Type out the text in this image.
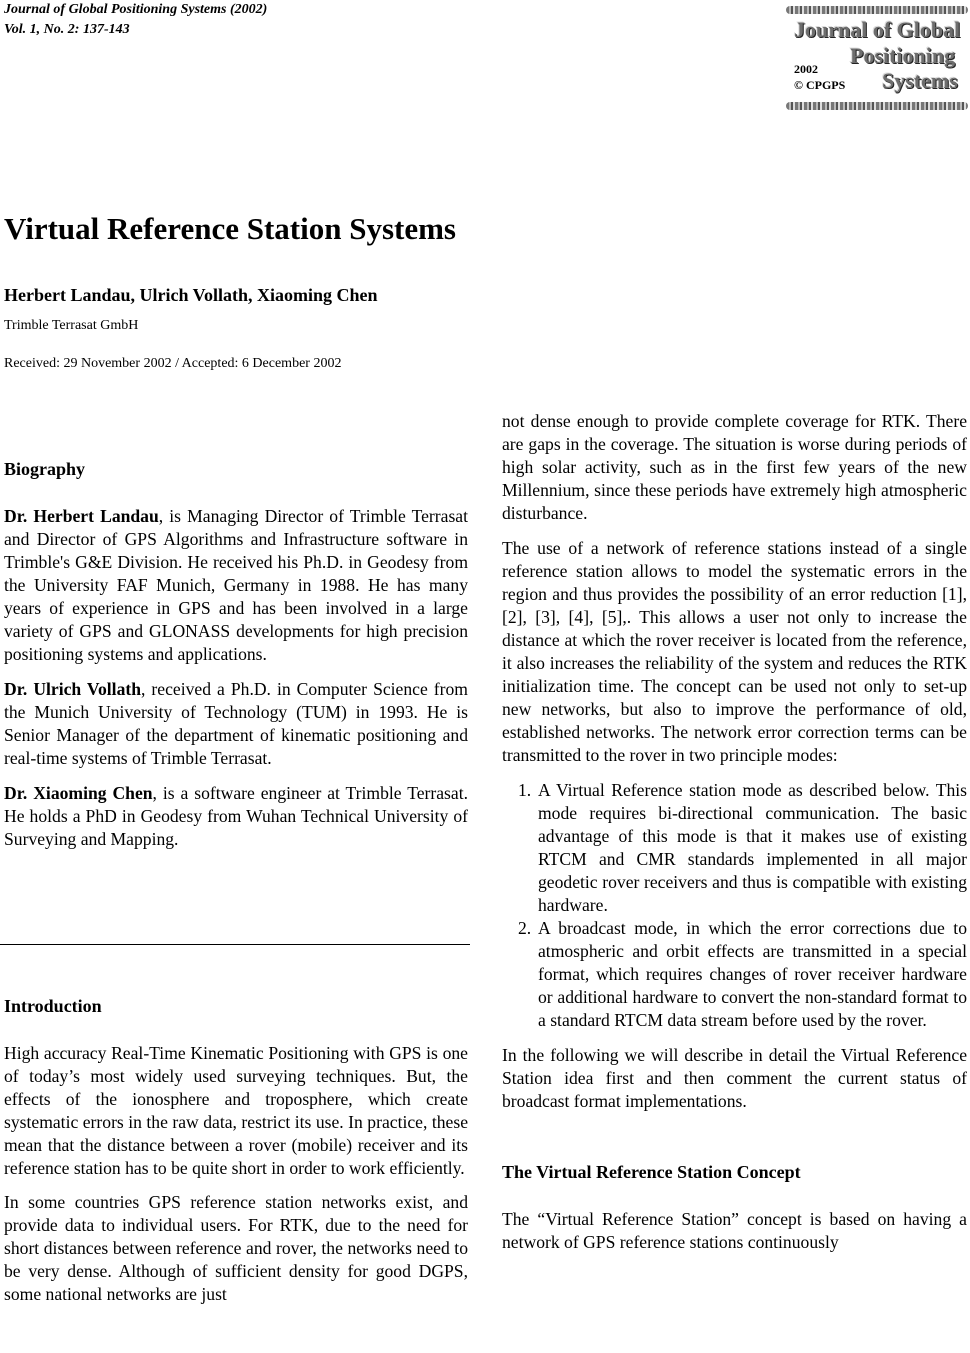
Journal of Global Positioning Systems (2002)
Vol. 1, No. 2: 137-143	Journal of Global
Positioning
2002	Systems
© CPGPS
Virtual Reference Station Systems
Herbert Landau, Ulrich Vollath, Xiaoming Chen
Trimble Terrasat GmbH
Received: 29 November 2002 / Accepted: 6 December 2002
Biography

Dr. Herbert Landau, is Managing Director of Trimble Terrasat and Director of GPS Algorithms and Infrastructure software in Trimble's G&E Division. He received his Ph.D. in Geodesy from the University FAF Munich, Germany in 1988. He has many years of experience in GPS and has been involved in a large variety of GPS and GLONASS developments for high precision positioning systems and applications.

Dr. Ulrich Vollath, received a Ph.D. in Computer Science from the Munich University of Technology (TUM) in 1993. He is Senior Manager of the department of kinematic positioning and real-time systems of Trimble Terrasat.

Dr. Xiaoming Chen, is a software engineer at Trimble Terrasat. He holds a PhD in Geodesy from Wuhan Technical University of Surveying and Mapping.

Introduction

High accuracy Real-Time Kinematic Positioning with GPS is one of today’s most widely used surveying techniques. But, the effects of the ionosphere and troposphere, which create systematic errors in the raw data, restrict its use. In practice, these mean that the distance between a rover (mobile) receiver and its reference station has to be quite short in order to work efficiently.

In some countries GPS reference station networks exist, and provide data to individual users. For RTK, due to the need for short distances between reference and rover, the networks need to be very dense. Although of sufficient density for good DGPS, some national networks are just

not dense enough to provide complete coverage for RTK. There are gaps in the coverage. The situation is worse during periods of high solar activity, such as in the first few years of the new Millennium, since these periods have extremely high atmospheric disturbance.

The use of a network of reference stations instead of a single reference station allows to model the systematic errors in the region and thus provides the possibility of an error reduction [1], [2], [3], [4], [5],. This allows a user not only to increase the distance at which the rover receiver is located from the reference, it also increases the reliability of the system and reduces the RTK initialization time. The concept can be used not only to set-up new networks, but also to improve the performance of old, established networks. The network error correction terms can be transmitted to the rover in two principle modes:

1. A Virtual Reference station mode as described below. This mode requires bi-directional communication. The basic advantage of this mode is that it makes use of existing RTCM and CMR standards implemented in all major geodetic rover receivers and thus is compatible with existing hardware.
2. A broadcast mode, in which the error corrections due to atmospheric and orbit effects are transmitted in a special format, which requires changes of rover receiver hardware or additional hardware to convert the non-standard format to a standard RTCM data stream before used by the rover.

In the following we will describe in detail the Virtual Reference Station idea first and then comment the current status of broadcast format implementations.

The Virtual Reference Station Concept

The “Virtual Reference Station” concept is based on having a network of GPS reference stations continuously
